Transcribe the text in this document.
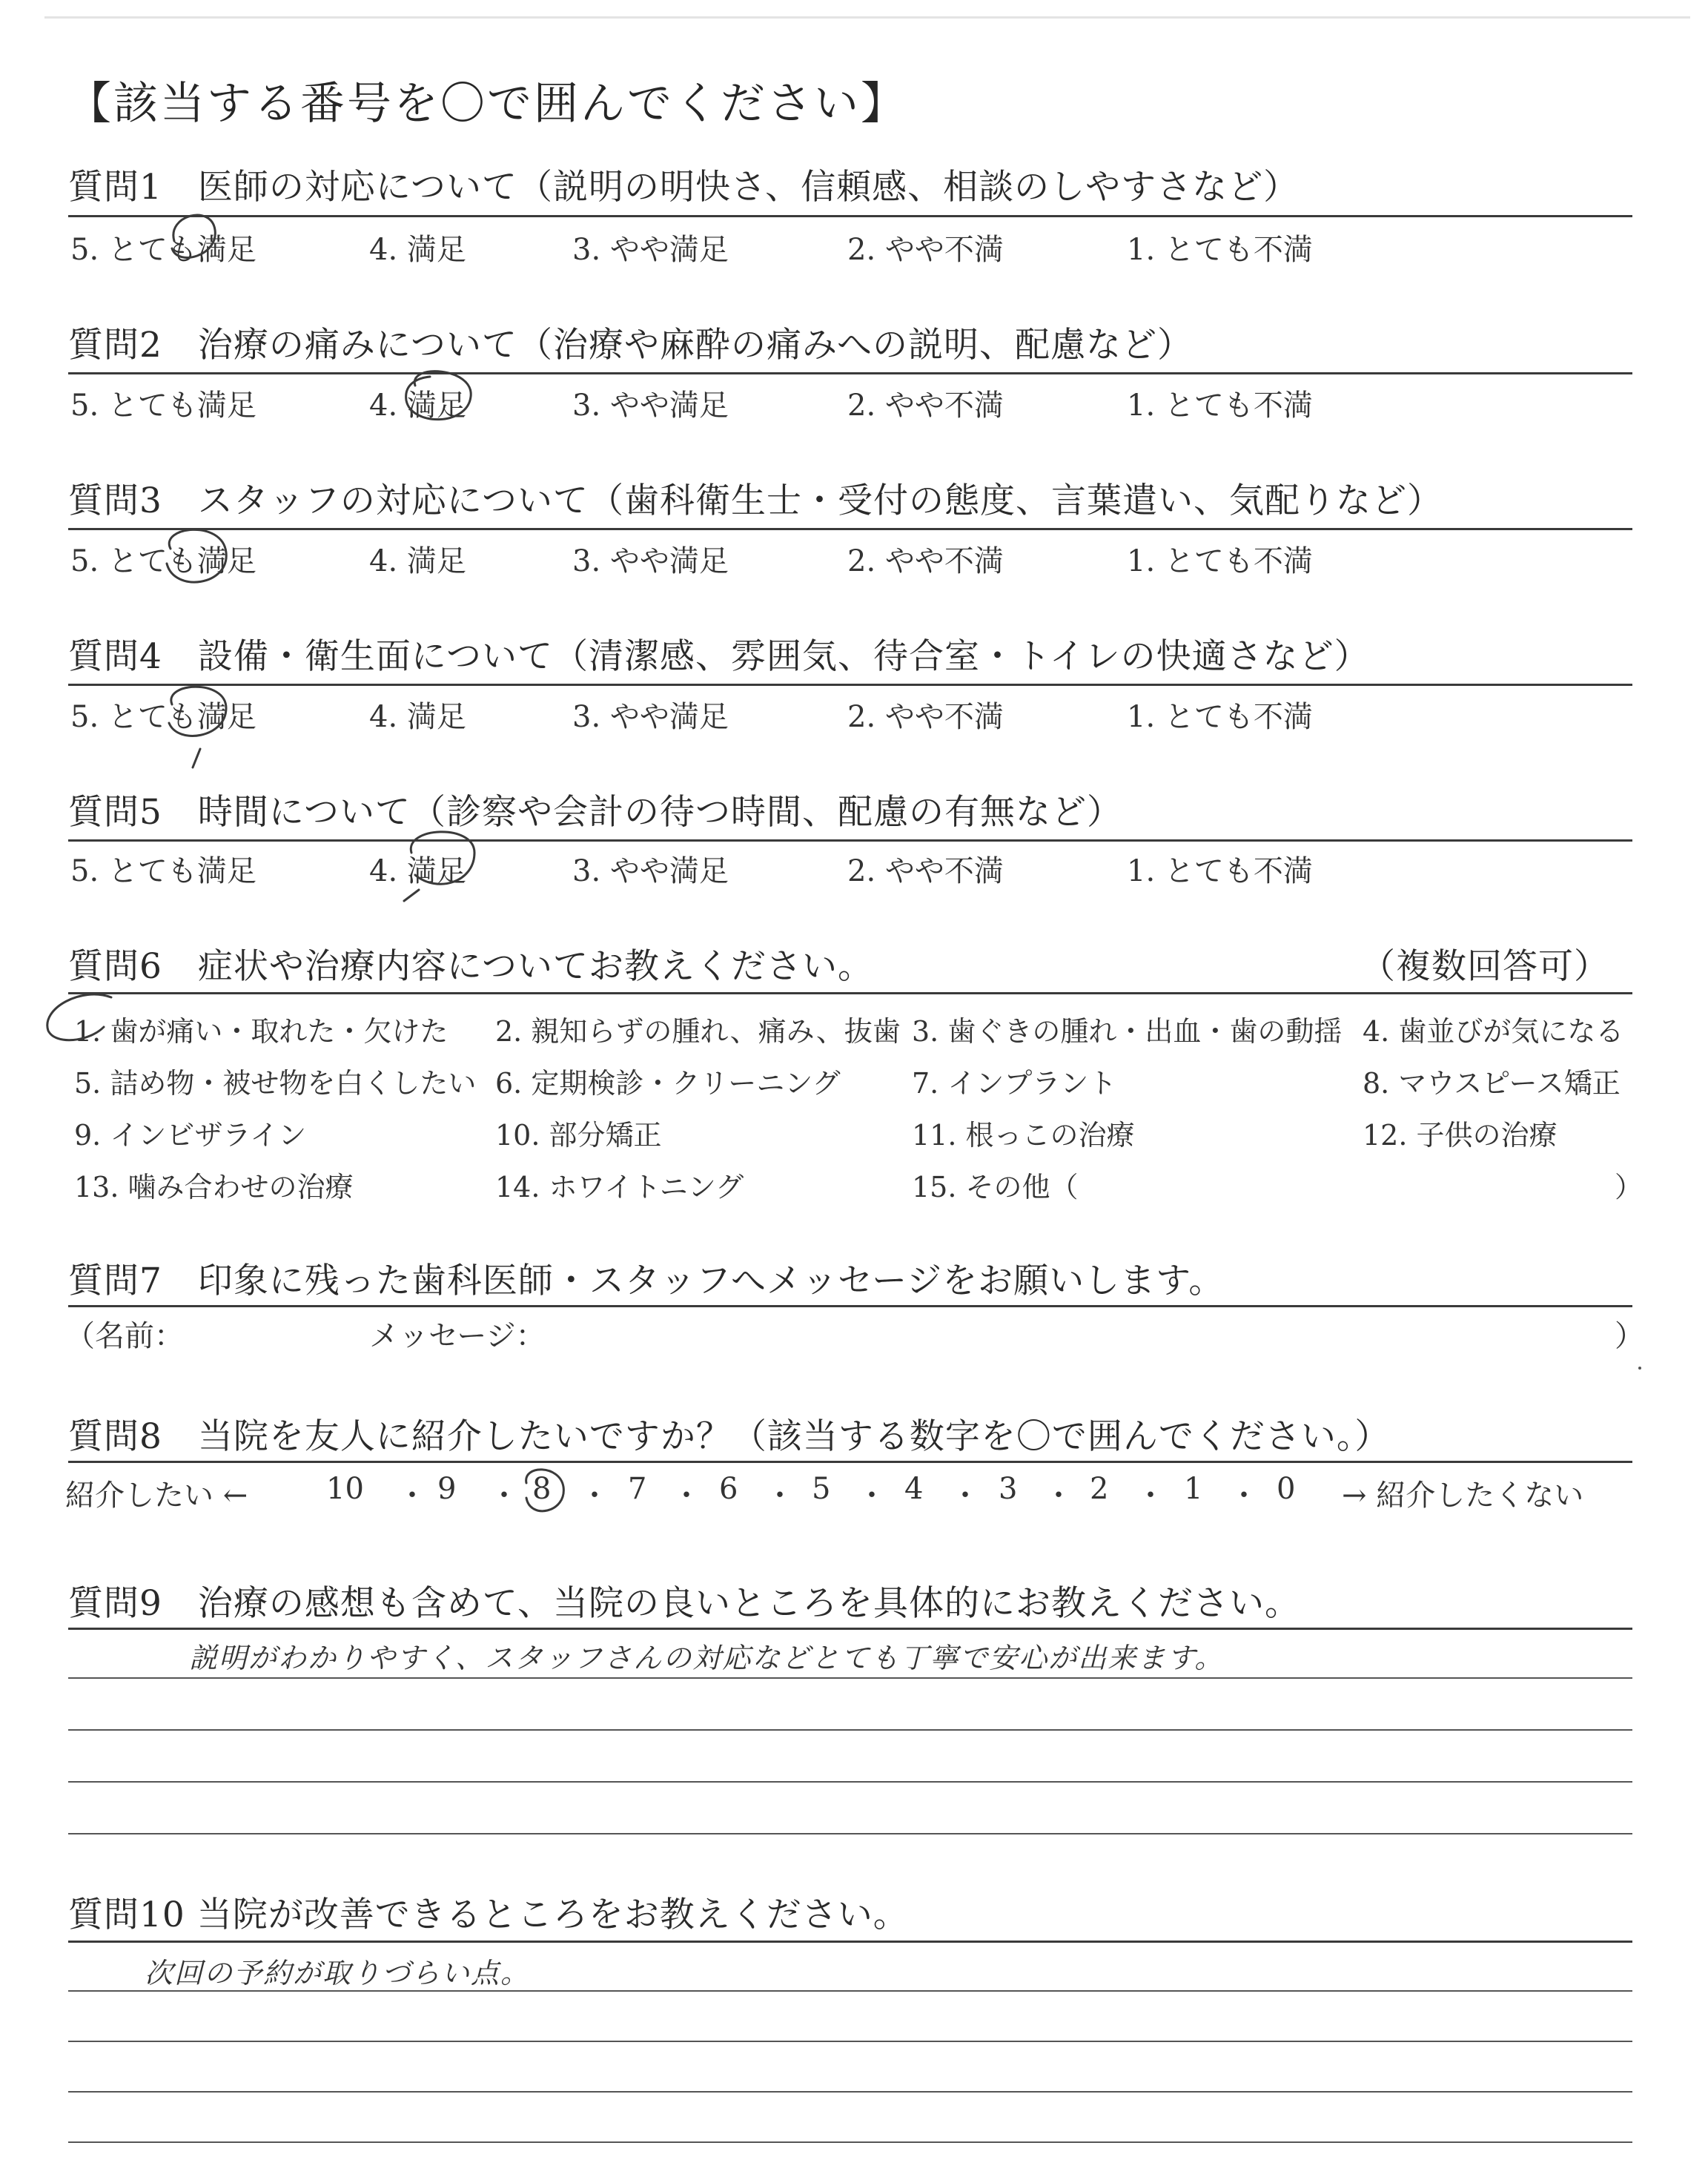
【該当する番号を〇で囲んでください】
質問1　医師の対応について（説明の明快さ、信頼感、相談のしやすさなど）
5. とても満足	4. 満足	3. やや満足	2. やや不満	1. とても不満
質問2　治療の痛みについて（治療や麻酔の痛みへの説明、配慮など）
5. とても満足	4. 満足	3. やや満足	2. やや不満	1. とても不満
質問3　スタッフの対応について（歯科衛生士・受付の態度、言葉遣い、気配りなど）
5. とても満足	4. 満足	3. やや満足	2. やや不満	1. とても不満
質問4　設備・衛生面について（清潔感、雰囲気、待合室・トイレの快適さなど）
5. とても満足	4. 満足	3. やや満足	2. やや不満	1. とても不満
質問5　時間について（診察や会計の待つ時間、配慮の有無など）
5. とても満足	4. 満足	3. やや満足	2. やや不満	1. とても不満
質問6　症状や治療内容についてお教えください。	（複数回答可）
1. 歯が痛い・取れた・欠けた 2. 親知らずの腫れ、痛み、抜歯 3. 歯ぐきの腫れ・出血・歯の動揺 4. 歯並びが気になる
5. 詰め物・被せ物を白くしたい 6. 定期検診・クリーニング	7. インプラント	8. マウスピース矯正
9. インビザライン	10. 部分矯正	11. 根っこの治療	12. 子供の治療
13. 噛み合わせの治療	14. ホワイトニング	15. その他（	）
質問7　印象に残った歯科医師・スタッフへメッセージをお願いします。
（名前：	メッセージ：	）
質問8　当院を友人に紹介したいですか？（該当する数字を〇で囲んでください。）
紹介したい ←	10 ・ 9 ・ 8 ・ 7 ・ 6 ・ 5 ・ 4 ・ 3 ・ 2 ・ 1 ・ 0 → 紹介したくない
質問9　治療の感想も含めて、当院の良いところを具体的にお教えください。
説明がわかりやすく、スタッフさんの対応などとても丁寧で安心が出来ます。
質問10 当院が改善できるところをお教えください。
次回の予約が取りづらい点。
